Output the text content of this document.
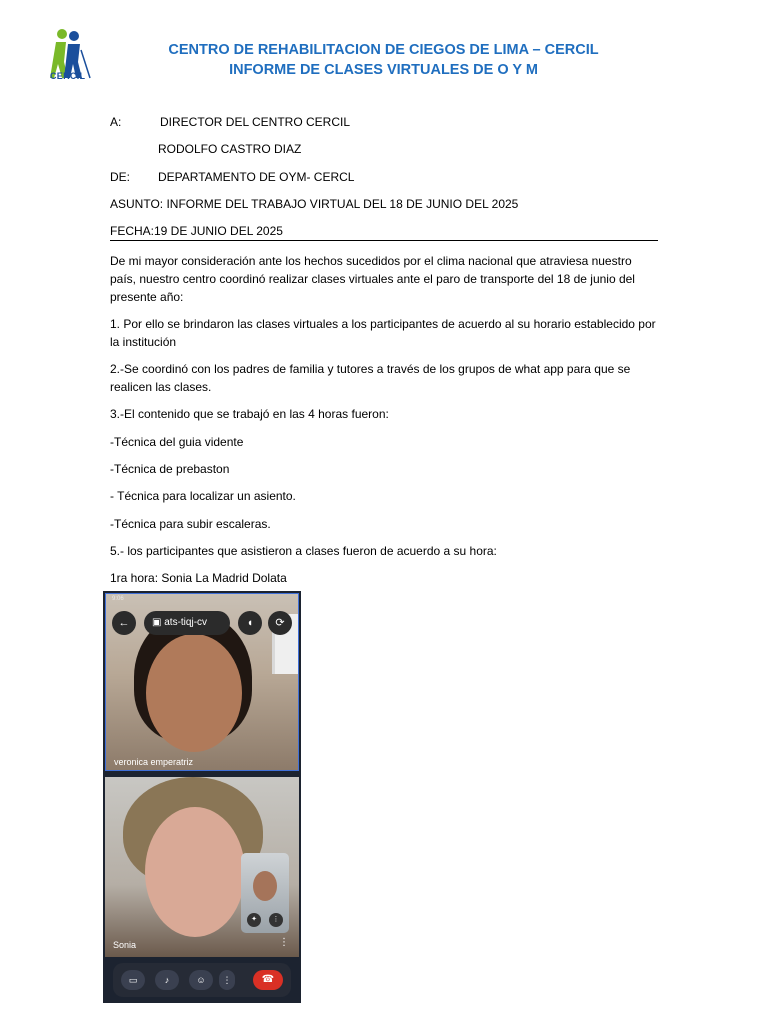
CERCIL
CENTRO DE REHABILITACION DE CIEGOS DE LIMA – CERCIL
INFORME DE CLASES VIRTUALES DE O Y M
A:	DIRECTOR DEL CENTRO CERCIL
RODOLFO CASTRO DIAZ
DE: DEPARTAMENTO DE OYM- CERCL
ASUNTO: INFORME DEL TRABAJO VIRTUAL DEL 18 DE JUNIO DEL 2025
FECHA:19 DE JUNIO DEL 2025
De mi mayor consideración ante los hechos sucedidos por el clima nacional que atraviesa nuestro país, nuestro centro coordinó realizar clases virtuales ante el paro de transporte del 18 de junio del presente año:
1. Por ello se brindaron las clases virtuales a los participantes de acuerdo al su horario establecido por la institución
2.-Se coordinó con los padres de familia y tutores a través de los grupos de what app para que se realicen las clases.
3.-El contenido que se trabajó en las 4 horas fueron:
-Técnica del guia vidente
-Técnica de prebaston
- Técnica para localizar un asiento.
-Técnica para subir escaleras.
5.- los participantes que asistieron a clases fueron de acuerdo a su hora:
1ra hora: Sonia La Madrid Dolata
9:06
←	▣ ats-tiqj-cv	◖	⟳
veronica emperatriz
✦	⋮
Sonia	⋮
▭	♪	☺	⋮	☎
